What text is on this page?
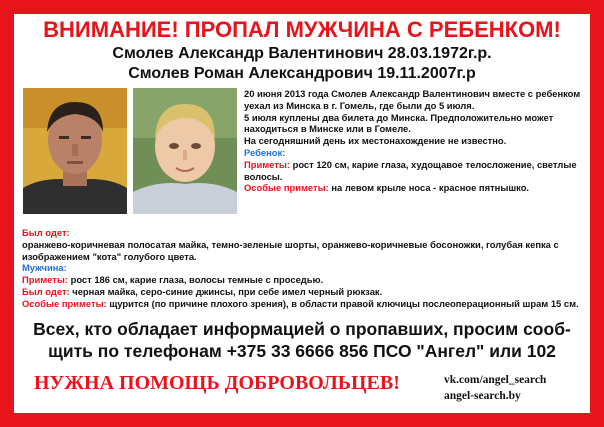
ВНИМАНИЕ! ПРОПАЛ МУЖЧИНА С РЕБЕНКОМ!
Смолев Александр Валентинович 28.03.1972г.р.
Смолев Роман Александрович 19.11.2007г.р

20 июня 2013 года Смолев Александр Валентинович вместе с ребенком уехал из Минска в г. Гомель, где были до 5 июля.

5 июля куплены два билета до Минска. Предположительно может находиться в Минске или в Гомеле.

На сегодняшний день их местонахождение не известно.

Ребенок:

Приметы: рост 120 см, карие глаза, худощавое телосложение, светлые волосы.

Особые приметы: на левом крыле носа - красное пятнышко.

Был одет:
оранжево-коричневая полосатая майка, темно-зеленые шорты, оранжево-коричневые босоножки, голубая кепка с изображением "кота" голубого цвета.

Мужчина:

Приметы: рост 186 см, карие глаза, волосы темные с проседью.

Был одет: черная майка, серо-синие джинсы, при себе имел черный рюкзак.

Особые приметы: щурится (по причине плохого зрения), в области правой ключицы послеоперационный шрам 15 см.

Всех, кто обладает информацией о пропавших, просим сооб-

щить по телефонам +375 33 6666 856 ПСО "Ангел" или 102

НУЖНА ПОМОЩЬ ДОБРОВОЛЬЦЕВ!	vk.com/angel_search
angel-search.by
